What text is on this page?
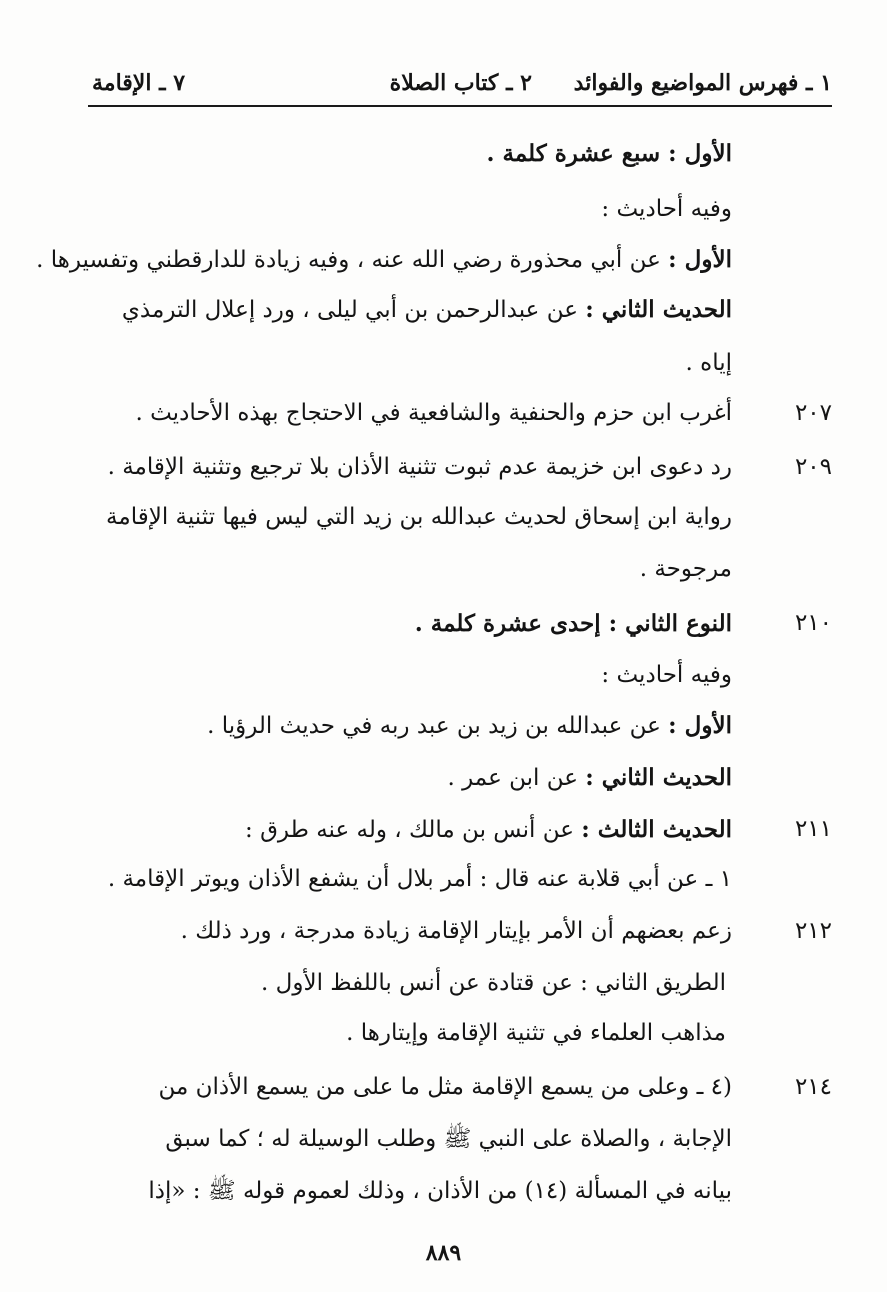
١ ـ فهرس المواضيع والفوائد
٢ ـ كتاب الصلاة
٧ ـ الإقامة
الأول : سبع عشرة كلمة .
وفيه أحاديث :
الأول : عن أبي محذورة رضي الله عنه ، وفيه زيادة للدارقطني وتفسيرها .
الحديث الثاني : عن عبدالرحمن بن أبي ليلى ، ورد إعلال الترمذي
إياه .
٢٠٧
أغرب ابن حزم والحنفية والشافعية في الاحتجاج بهذه الأحاديث .
٢٠٩
رد دعوى ابن خزيمة عدم ثبوت تثنية الأذان بلا ترجيع وتثنية الإقامة .
رواية ابن إسحاق لحديث عبدالله بن زيد التي ليس فيها تثنية الإقامة
مرجوحة .
٢١٠
النوع الثاني : إحدى عشرة كلمة .
وفيه أحاديث :
الأول : عن عبدالله بن زيد بن عبد ربه في حديث الرؤيا .
الحديث الثاني : عن ابن عمر .
٢١١
الحديث الثالث : عن أنس بن مالك ، وله عنه طرق :
١ ـ عن أبي قلابة عنه قال : أمر بلال أن يشفع الأذان ويوتر الإقامة .
٢١٢
زعم بعضهم أن الأمر بإيتار الإقامة زيادة مدرجة ، ورد ذلك .
الطريق الثاني : عن قتادة عن أنس باللفظ الأول .
مذاهب العلماء في تثنية الإقامة وإيتارها .
٢١٤
(٤ ـ وعلى من يسمع الإقامة مثل ما على من يسمع الأذان من
الإجابة ، والصلاة على النبي ﷺ وطلب الوسيلة له ؛ كما سبق
بيانه في المسألة (١٤) من الأذان ، وذلك لعموم قوله ﷺ : «إذا
٨٨٩
